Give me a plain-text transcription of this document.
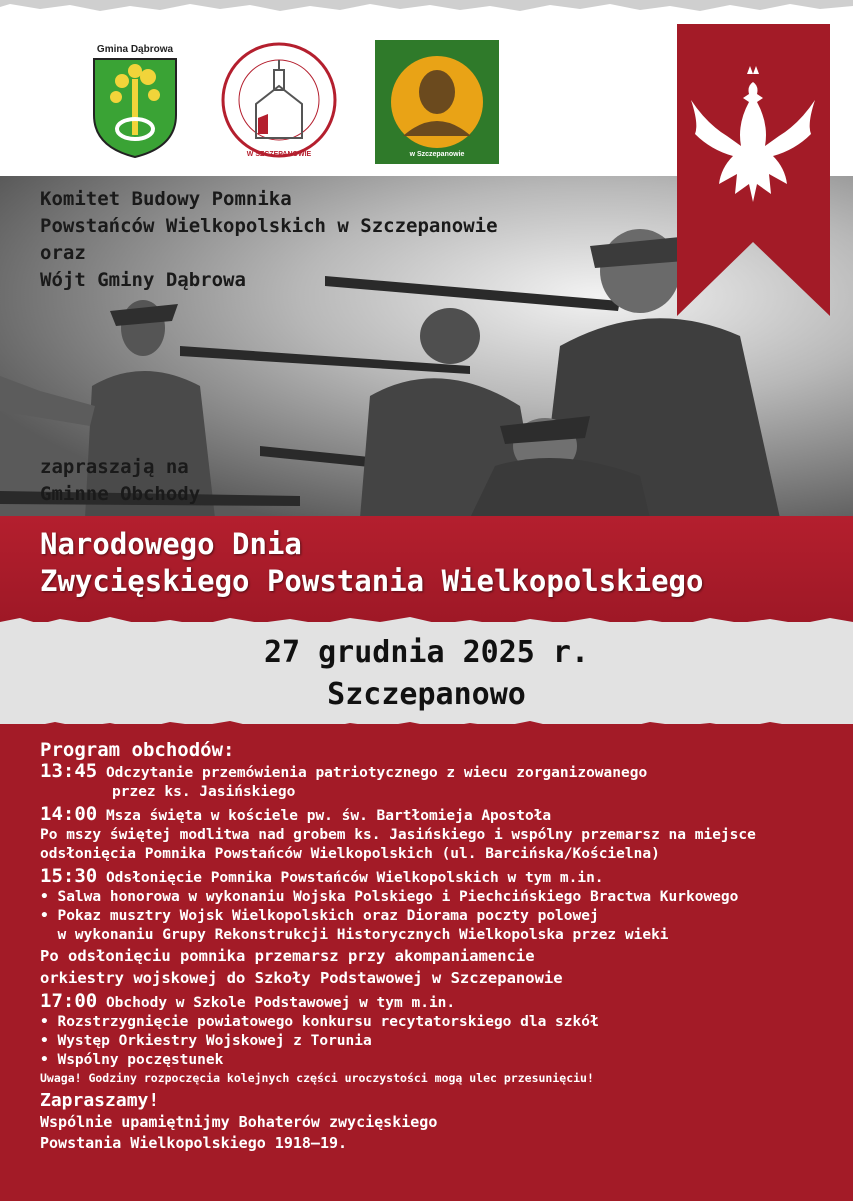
Gmina Dąbrowa
W SZCZEPANOWIE	w Szczepanowie
Komitet Budowy Pomnika
Powstańców Wielkopolskich w Szczepanowie
oraz
Wójt Gminy Dąbrowa
zapraszają na
Gminne Obchody
Narodowego Dnia
Zwycięskiego Powstania Wielkopolskiego
27 grudnia 2025 r.
Szczepanowo
Program obchodów:
13:45 Odczytanie przemówienia patriotycznego z wiecu zorganizowanego
przez ks. Jasińskiego
14:00 Msza święta w kościele pw. św. Bartłomieja Apostoła
Po mszy świętej modlitwa nad grobem ks. Jasińskiego i wspólny przemarsz na miejsce
odsłonięcia Pomnika Powstańców Wielkopolskich (ul. Barcińska/Kościelna)
15:30 Odsłonięcie Pomnika Powstańców Wielkopolskich w tym m.in.
• Salwa honorowa w wykonaniu Wojska Polskiego i Piechcińskiego Bractwa Kurkowego
• Pokaz musztry Wojsk Wielkopolskich oraz Diorama poczty polowej
w wykonaniu Grupy Rekonstrukcji Historycznych Wielkopolska przez wieki
Po odsłonięciu pomnika przemarsz przy akompaniamencie
orkiestry wojskowej do Szkoły Podstawowej w Szczepanowie
17:00 Obchody w Szkole Podstawowej w tym m.in.
• Rozstrzygnięcie powiatowego konkursu recytatorskiego dla szkół
• Występ Orkiestry Wojskowej z Torunia
• Wspólny poczęstunek
Uwaga! Godziny rozpoczęcia kolejnych części uroczystości mogą ulec przesunięciu!
Zapraszamy!
Wspólnie upamiętnijmy Bohaterów zwycięskiego
Powstania Wielkopolskiego 1918–19.
